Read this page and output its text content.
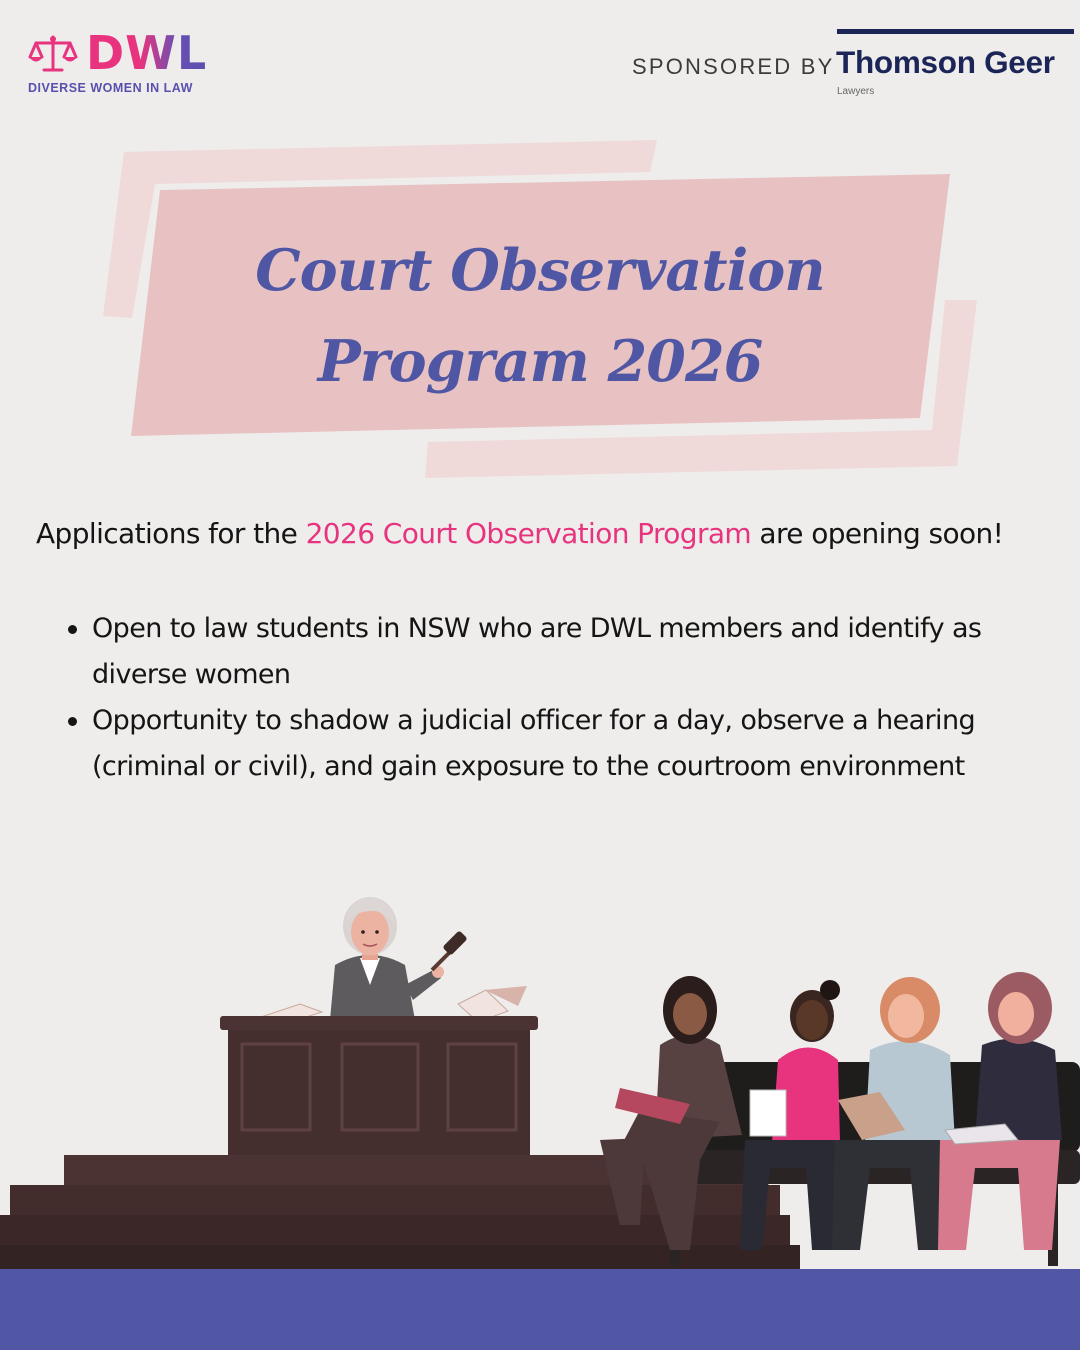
DWL
DIVERSE WOMEN IN LAW
SPONSORED BY Thomson Geer
Lawyers
Court Observation
Program 2026
Applications for the 2026 Court Observation Program are opening soon!
Open to law students in NSW who are DWL members and identify as
diverse women
Opportunity to shadow a judicial officer for a day, observe a hearing
(criminal or civil), and gain exposure to the courtroom environment
